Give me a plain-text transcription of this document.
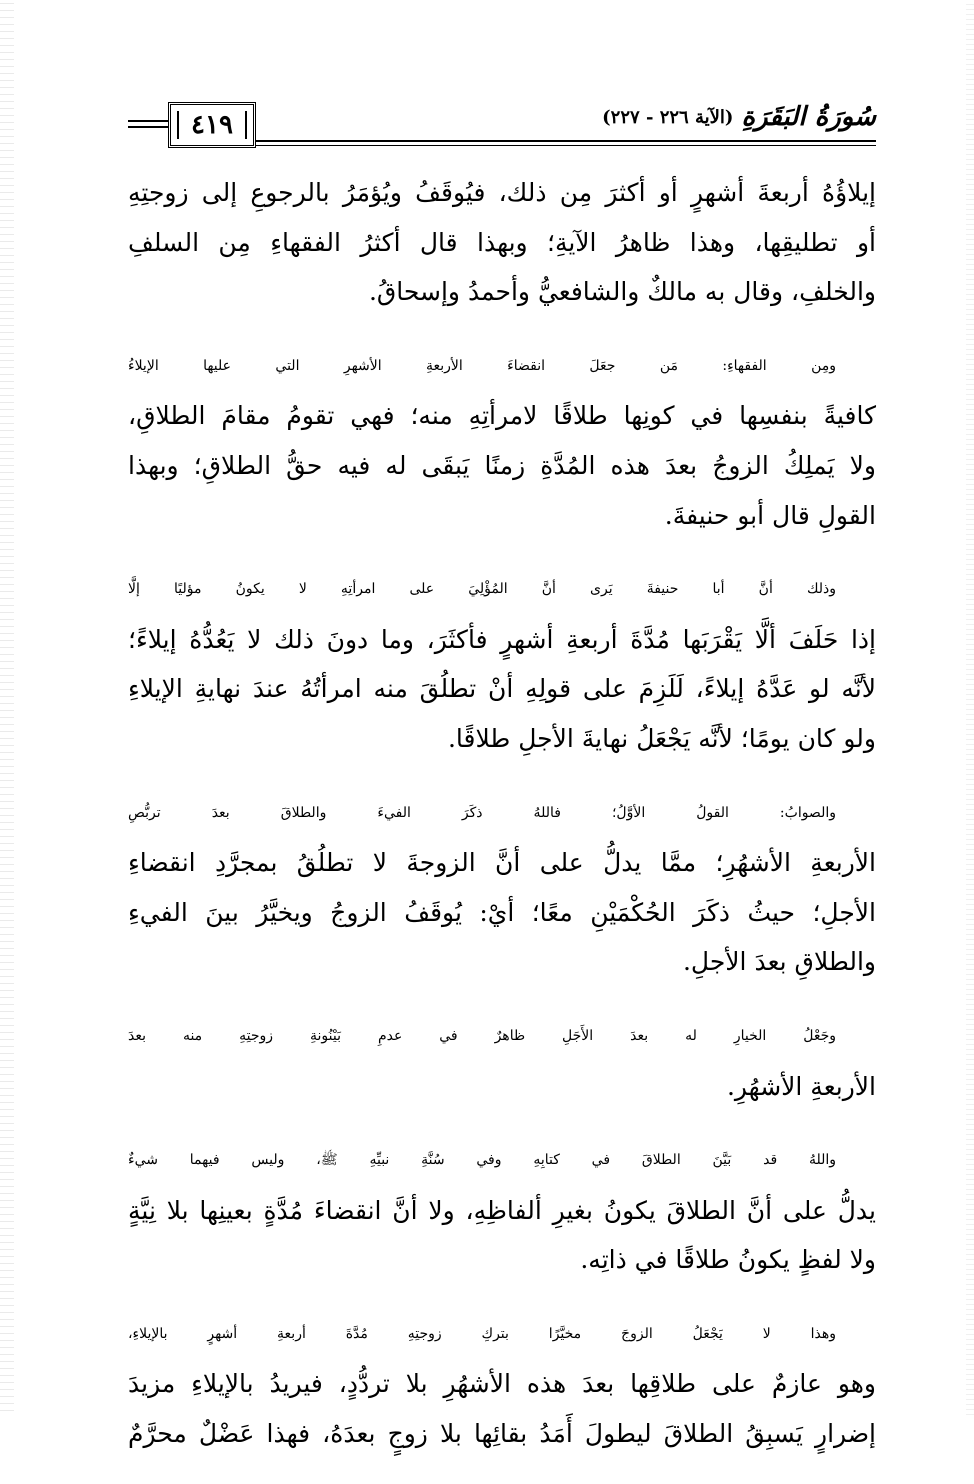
٤١٩	سُورَةُ البَقَرَةِ
(الآية ٢٢٦ - ٢٢٧)

إيلاؤُهُ أربعةَ أشهرٍ أو أكثرَ مِن ذلك، فيُوقَفُ ويُؤمَرُ بالرجوعِ إلى زوجتِهِ
أو تطليقِها، وهذا ظاهرُ الآيةِ؛ وبهذا قال أكثرُ الفقهاءِ مِن السلفِ
والخلفِ، وقال به مالكٌ والشافعيُّ وأحمدُ وإسحاقُ.

ومِن الفقهاءِ: مَن جعَلَ انقضاءَ الأربعةِ الأشهرِ التي عليها الإيلاءُ
كافيةً بنفسِها في كونِها طلاقًا لامرأتِهِ منه؛ فهي تقومُ مقامَ الطلاقِ،
ولا يَملِكُ الزوجُ بعدَ هذه المُدَّةِ زمنًا يَبقَى له فيه حقُّ الطلاقِ؛ وبهذا
القولِ قال أبو حنيفةَ.

وذلك أنَّ أبا حنيفةَ يَرى أنَّ المُؤْلِيَ على امرأتِهِ لا يكونُ مؤليًا إلَّا
إذا حَلَفَ ألَّا يَقْرَبَها مُدَّةَ أربعةِ أشهرٍ فأكثَرَ، وما دونَ ذلك لا يَعُدُّهُ إيلاءً؛
لأنَّه لو عَدَّهُ إيلاءً، لَلَزِمَ على قولِهِ أنْ تطلُقَ منه امرأتُهُ عندَ نهايةِ الإيلاءِ
ولو كان يومًا؛ لأنَّه يَجْعَلُ نهايةَ الأجلِ طلاقًا.

والصوابُ: القولُ الأوَّلُ؛ فاللهُ ذكَرَ الفيءَ والطلاقَ بعدَ تربُّصِ
الأربعةِ الأشهُرِ؛ ممَّا يدلُّ على أنَّ الزوجةَ لا تطلُقُ بمجرَّدِ انقضاءِ
الأجلِ؛ حيثُ ذكَرَ الحُكْمَيْنِ معًا؛ أيْ: يُوقَفُ الزوجُ ويخيَّرُ بينَ الفيءِ
والطلاقِ بعدَ الأجلِ.

وجَعْلُ الخيارِ له بعدَ الأَجَلِ ظاهرٌ في عدمِ بَيْنُونةِ زوجتِهِ منه بعدَ
الأربعةِ الأشهُرِ.

واللهُ قد بَيَّنَ الطلاقَ في كتابِهِ وفي سُنَّةِ نبيِّهِ ﷺ، وليس فيهما شيءٌ
يدلُّ على أنَّ الطلاقَ يكونُ بغيرِ ألفاظِهِ، ولا أنَّ انقضاءَ مُدَّةٍ بعينِها بلا نِيَّةٍ
ولا لفظٍ يكونُ طلاقًا في ذاتِه.

وهذا لا يَجْعَلُ الزوجَ مخيَّرًا بتركِ زوجتِهِ مُدَّةَ أربعةِ أشهرٍ بالإيلاءِ،
وهو عازمٌ على طلاقِها بعدَ هذه الأشهُرِ بلا تردُّدٍ، فيريدُ بالإيلاءِ مزيدَ
إضرارٍ يَسبِقُ الطلاقَ ليطولَ أَمَدُ بقائِها بلا زوجٍ بعدَهُ، فهذا عَضْلٌ محرَّمٌ
